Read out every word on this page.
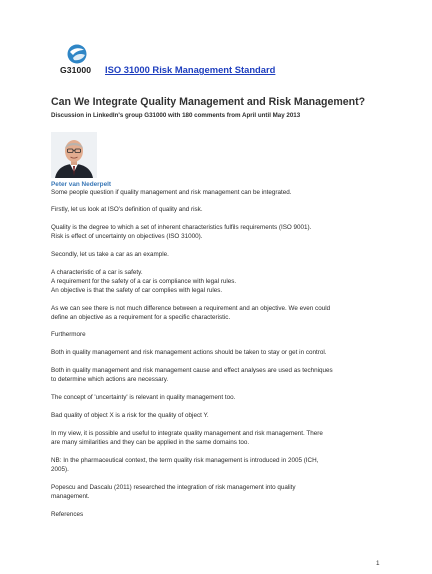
G31000 ISO 31000 Risk Management Standard
Can We Integrate Quality Management and Risk Management?
Discussion in LinkedIn's group G31000 with 180 comments from April until May 2013
Peter van Nederpelt

Some people question if quality management and risk management can be integrated.

Firstly, let us look at ISO's definition of quality and risk.

Quality is the degree to which a set of inherent characteristics fulfils requirements (ISO 9001).
Risk is effect of uncertainty on objectives (ISO 31000).

Secondly, let us take a car as an example.

A characteristic of a car is safety.
A requirement for the safety of a car is compliance with legal rules.
An objective is that the safety of car complies with legal rules.

As we can see there is not much difference between a requirement and an objective. We even could
define an objective as a requirement for a specific characteristic.

Furthermore

Both in quality management and risk management actions should be taken to stay or get in control.

Both in quality management and risk management cause and effect analyses are used as techniques
to determine which actions are necessary.

The concept of 'uncertainty' is relevant in quality management too.

Bad quality of object X is a risk for the quality of object Y.

In my view, it is possible and useful to integrate quality management and risk management. There
are many similarities and they can be applied in the same domains too.

NB: In the pharmaceutical context, the term quality risk management is introduced in 2005 (ICH,
2005).

Popescu and Dascalu (2011) researched the integration of risk management into quality
management.

References

1
